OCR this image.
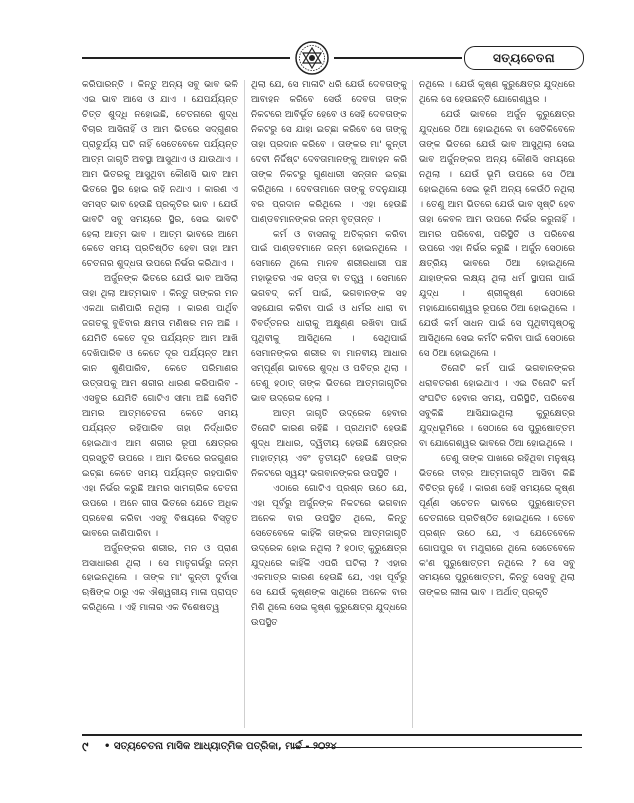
ସତ୍ୟଚେତନା

କରିପାରନ୍ତି । କିନ୍ତୁ ଅନ୍ୟ ସବୁ ଭାବ ଭଳି ଏଇ ଭାବ ଆସେ ଓ ଯାଏ । ଯେପର୍ଯ୍ୟନ୍ତ ଚିତ୍ତ ଶୁଦ୍ଧି ନହୋଇଛି, ଚେତନାରେ ଶୁଦ୍ଧ ବିଚାର ଆସିନାହିଁ ଓ ଆମ ଭିତରେ ସଦ୍‌ଗୁଣର ପ୍ରାଚୁର୍ଯ୍ୟ ଘଟି ନାହିଁ ସେତେବେଳେ ପର୍ଯ୍ୟନ୍ତ ଆତ୍ମ ଜାଗୃତି ଅବସ୍ଥା ଆସୁଥାଏ ଓ ଯାଉଥାଏ । ଆମ ଭିତରକୁ ଆସୁଥିବା କୌଣସି ଭାବ ଆମ ଭିତରେ ସ୍ଥିର ହୋଇ ରହି ନଥାଏ । କାରଣ ଏ ସମସ୍ତ ଭାବ ହେଉଛି ପ୍ରକୃତିର ଭାବ । ଯେଉଁ ଭାବଟି ସବୁ ସମୟରେ ସ୍ଥିର, ସେଇ ଭାବଟି ହେଲା ଆତ୍ମ ଭାବ । ଆତ୍ମ ଭାବରେ ଆମେ କେତେ ସମୟ ପ୍ରତିଷ୍ଠିତ ହେବା ତାହା ଆମ ଚେତନାର ଶୁଦ୍ଧତା ଉପରେ ନିର୍ଭର କରିଥାଏ ।

ଅର୍ଜୁନଙ୍କ ଭିତରେ ଯେଉଁ ଭାବ ଆସିଲା ତାହା ଥିଲା ଆତ୍ମଭାବ । କିନ୍ତୁ ତାଙ୍କର ମନ ଏକଥା ଜାଣିପାରି ନଥିଲା । କାରଣ ପାର୍ଥିବ ଜଗତକୁ ବୁଝିବାର କ୍ଷମତା ମଣିଷର ମନ ଅଛି । ଯେମିତି କେତେ ଦୂର ପର୍ଯ୍ୟନ୍ତ ଆମ ଆଖି ଦେଖିପାରିବ ଓ କେତେ ଦୂର ପର୍ଯ୍ୟନ୍ତ ଆମ କାନ ଶୁଣିପାରିବ, କେତେ ପରିମାଣର ଉତ୍ତାପକୁ ଆମ ଶରୀର ଧାରଣ କରିପାରିବ - ଏସବୁର ଯେମିତି ଗୋଟିଏ ସୀମା ଅଛି ସେମିତି ଆମର ଆତ୍ମଚେତନା କେତେ ସମୟ ପର୍ଯ୍ୟନ୍ତ ରହିପାରିବ ତାହା ନିର୍ଦ୍ଧାରିତ ହୋଇଥାଏ ଆମ ଶରୀର ରୂପୀ କ୍ଷେତ୍ରର ପ୍ରସ୍ତୁତି ଉପରେ । ଆମ ଭିତରେ ରଜଗୁଣର ଇଚ୍ଛା କେତେ ସମୟ ପର୍ଯ୍ୟନ୍ତ ରହପାରିବ ଏହା ନିର୍ଭର କରୁଛି ଆମର ସାମଗ୍ରିକ ଚେତନା ଉପରେ । ଅନେ ଗୀତା ଭିତରେ ଯେତେ ଅଧିକ ପ୍ରବେଶ କରିବା ଏସବୁ ବିଷୟରେ ବିସ୍ତୃତ ଭାବରେ ଜାଣିପାରିବା ।

ଅର୍ଜୁନଙ୍କର ଶରୀର, ମନ ଓ ପ୍ରାଣ ଅସାଧାରଣ ଥିଲା । ସେ ମାତୃଗର୍ଭରୁ ଜନ୍ମ ହୋଇନଥିଲେ । ତାଙ୍କ ମା' କୁନ୍ତୀ ଦୁର୍ବାସା ଋଷିଙ୍କ ଠାରୁ ଏକ ଐଶ୍ୱରୀୟ ମାଳା ପ୍ରାପ୍ତ କରିଥିଲେ । ଏହି ମାଳାର ଏକ ବିଶେଷତ୍ୱ

ଥିଲା ଯେ, ସେ ମାଳାଟି ଧରି ଯେଉଁ ଦେବତାଙ୍କୁ ଆବାହନ କରିବେ ସେଉଁ ଦେବତା ତାଙ୍କ ନିକଟରେ ଆବିର୍ଭୂତ ହେବେ ଓ ସେହି ଦେବତାଙ୍କ ନିକଟରୁ ସେ ଯାହା ଇଚ୍ଛା କରିବେ ସେ ତାଙ୍କୁ ତାହା ପ୍ରଦାନ କରିବେ । ତାଙ୍କର ମା' କୁନ୍ତୀ ଦେବୀ ନିର୍ଦ୍ଦିଷ୍ଟ ଦେବତାମାନଙ୍କୁ ଆବାହନ କରି ତାଙ୍କ ନିକଟରୁ ଗୁଣଧାରୀ ସନ୍ତାନ ଇଚ୍ଛା କରିଥିଲେ । ଦେବତାମାନେ ତାଙ୍କୁ ତଦନୁଯାୟୀ ବର ପ୍ରଦାନ କରିଥିଲେ । ଏହା ହେଉଛି ପାଣ୍ଡବମାନଙ୍କର ଜନ୍ମ ବୃତ୍ତାନ୍ତ ।

କର୍ମ ଓ ବାସନାକୁ ଅତିକ୍ରମ କରିବା ପାଇଁ ପାଣ୍ଡବମାନେ ଜନ୍ମ ହୋଇନଥିଲେ । ସେମାନେ ଥିଲେ ମାନବ ଶରୀରଧାରୀ ପଞ୍ଚ ମହାଭୂତର ଏକ ସତ୍ତା ବା ତତ୍ତ୍ୱ । ସେମାନେ ଭଗବଦ୍ କର୍ମ ପାଇଁ, ଭଗବାନଙ୍କ ସହ ସହଯୋଗ କରିବା ପାଇଁ ଓ ଧର୍ମର ଧାରା ବା ବିବର୍ତ୍ତନର ଧାରାକୁ ଅକ୍ଷୁଣ୍ଣ ରଖିବା ପାଇଁ ପୃଥିବୀକୁ ଆସିଥିଲେ । ସେଥିପାଇଁ ସେମାନଙ୍କର ଶରୀର ବା ମାନବୀୟ ଆଧାର ସମ୍ପୂର୍ଣ୍ଣ ଭାବରେ ଶୁଦ୍ଧ ଓ ପବିତ୍ର ଥିଲା । ତେଣୁ ହଠାତ୍ ତାଙ୍କ ଭିତରେ ଆତ୍ମଜାଗୃତିର ଭାବ ଉଦ୍ରେକ ହେଲା ।

ଆତ୍ମ ଜାଗୃତି ଉଦ୍ରେକ ହେବାର ତିନୋଟି କାରଣ ରହିଛି । ପ୍ରଥମଟି ହେଉଛି ଶୁଦ୍ଧ ଆଧାର, ଦ୍ୱିତୀୟ ହେଉଛି କ୍ଷେତ୍ରର ମାହାତ୍ମ୍ୟ ଏବଂ ତୃତୀୟଟି ହେଉଛି ତାଙ୍କ ନିକଟରେ ସ୍ୱୟଂ ଭଗବାନଙ୍କର ଉପସ୍ଥିତି ।

ଏଠାରେ ଗୋଟିଏ ପ୍ରଶ୍ନ ଉଠେ ଯେ, ଏହା ପୂର୍ବରୁ ଅର୍ଜୁନଙ୍କ ନିକଟରେ ଭଗବାନ ଅନେକ ବାର ଉପସ୍ଥିତ ଥିଲେ, କିନ୍ତୁ ସେତେବେଳେ କାହିଁକି ତାଙ୍କର ଆତ୍ମଜାଗୃତି ଉଦ୍ରେକ ହୋଇ ନଥିଲା ? ହଠାତ୍ କୁରୁକ୍ଷେତ୍ର ଯୁଦ୍ଧରେ କାହିଁକି ଏପରି ଘଟିଲା ? ଏହାର ଏକମାତ୍ର କାରଣ ହେଉଛି ଯେ, ଏହା ପୂର୍ବରୁ ସେ ଯେଉଁ କୃଷ୍ଣଙ୍କ ସାଥିରେ ଅନେକ ବାର ମିଶି ଥିଲେ ସେଇ କୃଷ୍ଣ କୁରୁକ୍ଷେତ୍ର ଯୁଦ୍ଧରେ ଉପସ୍ଥିତ

ନଥିଲେ । ଯେଉଁ କୃଷ୍ଣ କୁରୁକ୍ଷେତ୍ର ଯୁଦ୍ଧରେ ଥିଲେ ସେ ହେଉଛନ୍ତି ଯୋଗେଶ୍ୱର ।

ଯେଉଁ ଭାବରେ ଅର୍ଜୁନ କୁରୁକ୍ଷେତ୍ର ଯୁଦ୍ଧରେ ଠିଆ ହୋଇଥିଲେ ବା ସେତିକିବେଳେ ତାଙ୍କ ଭିତରେ ଯେଉଁ ଭାବ ଆସୁଥିଲା ସେଇ ଭାବ ଅର୍ଜୁନଙ୍କର ଅନ୍ୟ କୌଣସି ସମୟରେ ନଥିଲା । ଯେଉଁ ଭୂମି ଉପରେ ସେ ଠିଆ ହୋଇଥିଲେ ସେଇ ଭୂମି ଅନ୍ୟ କେଉଁଠି ନଥିଲା । ତେଣୁ ଆମ ଭିତରେ ଯେଉଁ ଭାବ ସୃଷ୍ଟି ହେବ ତାହା କେବଳ ଆମ ଉପରେ ନିର୍ଭର କରୁନାହିଁ । ଆମର ପରିବେଶ, ପରିସ୍ଥିତି ଓ ପରିବେଶ ଉପରେ ଏହା ନିର୍ଭର କରୁଛି । ଅର୍ଜୁନ ସେଠାରେ କ୍ଷତ୍ରିୟ ଭାବରେ ଠିଆ ହୋଇଥିଲେ ଯାହାଙ୍କର ଲକ୍ଷ୍ୟ ଥିଲା ଧର୍ମ ସ୍ଥାପନା ପାଇଁ ଯୁଦ୍ଧ । ଶ୍ରୀକୃଷ୍ଣ ସେଠାରେ ମହାଯୋଗେଶ୍ୱର ରୂପରେ ଠିଆ ହୋଇଥିଲେ । ଯେଉଁ କର୍ମ ସାଧନ ପାଇଁ ସେ ପୃଥିବୀପୃଷ୍ଠକୁ ଆସିଥିଲେ ସେଇ କର୍ମଟି କରିବା ପାଇଁ ସେଠାରେ ସେ ଠିଆ ହୋଇଥିଲେ ।

ତିନୋଟି କର୍ମ ପାଇଁ ଭଗବାନଙ୍କର ଧରାବତରଣ ହୋଇଥାଏ । ଏଇ ତିନୋଟି କର୍ମ ସଂଘଟିତ ହେବାର ସମୟ, ପରିସ୍ଥିତି, ପରିବେଶ ସବୁକିଛି ଆସିଯାଇଥିଲା କୁରୁକ୍ଷେତ୍ର ଯୁଦ୍ଧଭୂମିରେ । ସେଠାରେ ସେ ପୁରୁଷୋତ୍ତମ ବା ଯୋଗେଶ୍ୱର ଭାବରେ ଠିଆ ହୋଇଥିଲେ ।

ତେଣୁ ତାଙ୍କ ପାଖରେ ରହିଥିବା ମନୁଷ୍ୟ ଭିତରେ ତୀବ୍ର ଆତ୍ମଜାଗୃତି ଆସିବା କିଛି ବିଚିତ୍ର ନୁହେଁ । କାରଣ ସେହି ସମୟରେ କୃଷ୍ଣ ପୂର୍ଣ୍ଣ ସଚେତନ ଭାବରେ ପୁରୁଷୋତ୍ତମ ଚେତନାରେ ପ୍ରତିଷ୍ଠିତ ହୋଇଥିଲେ । ତେବେ ପ୍ରଶ୍ନ ଉଠେ ଯେ, ଏ ଯେତେବେଳେ ଗୋପପୁର ବା ମଥୁରାରେ ଥିଲେ ସେତେବେଳେ କ'ଣ ପୁରୁଷୋତ୍ତମ ନଥିଲେ ? ସେ ସବୁ ସମୟରେ ପୁରୁଷୋତ୍ତମ, କିନ୍ତୁ ସେସବୁ ଥିଲା ତାଙ୍କର ଲୀଳା ଭାବ । ଅର୍ଥାତ୍ ପ୍ରକୃତି

୯ • ସତ୍ୟଚେତନା ମାସିକ ଆଧ୍ୟାତ୍ମିକ ପତ୍ରିକା, ମାର୍ଚ୍ଚ - ୨୦୨୪
